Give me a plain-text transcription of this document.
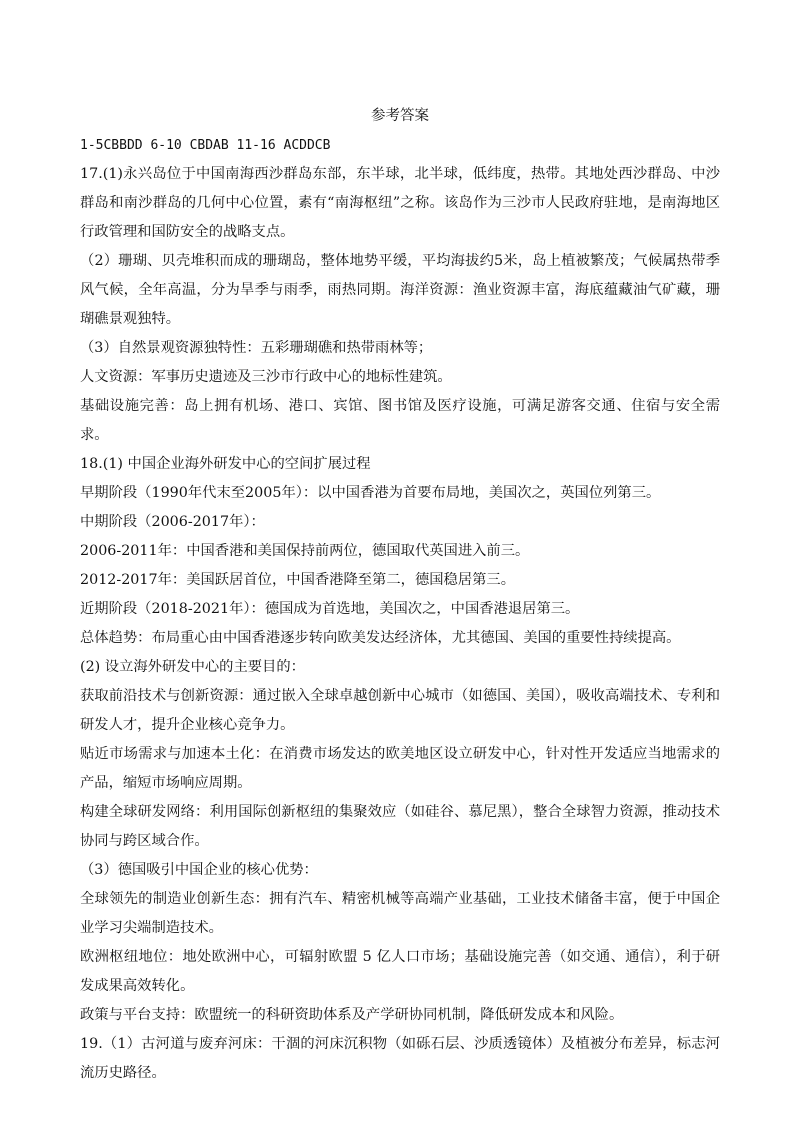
参考答案
1-5CBBDD 6-10 CBDAB 11-16 ACDDCB
17.(1)永兴岛位于中国南海西沙群岛东部，东半球，北半球，低纬度，热带。其地处西沙群岛、中沙群岛和南沙群岛的几何中心位置，素有“南海枢纽”之称。该岛作为三沙市人民政府驻地，是南海地区行政管理和国防安全的战略支点。
（2）珊瑚、贝壳堆积而成的珊瑚岛，整体地势平缓，平均海拔约5米，岛上植被繁茂；气候属热带季风气候，全年高温，分为旱季与雨季，雨热同期。海洋资源：渔业资源丰富，海底蕴藏油气矿藏，珊瑚礁景观独特。
（3）自然景观资源独特性：五彩珊瑚礁和热带雨林等；
人文资源：军事历史遗迹及三沙市行政中心的地标性建筑。
基础设施完善：岛上拥有机场、港口、宾馆、图书馆及医疗设施，可满足游客交通、住宿与安全需求。
18.(1) 中国企业海外研发中心的空间扩展过程
早期阶段（1990年代末至2005年）：以中国香港为首要布局地，美国次之，英国位列第三。
中期阶段（2006-2017年）：
2006-2011年：中国香港和美国保持前两位，德国取代英国进入前三。
2012-2017年：美国跃居首位，中国香港降至第二，德国稳居第三。
近期阶段（2018-2021年）：德国成为首选地，美国次之，中国香港退居第三。
总体趋势：布局重心由中国香港逐步转向欧美发达经济体，尤其德国、美国的重要性持续提高。
(2) 设立海外研发中心的主要目的：
获取前沿技术与创新资源：通过嵌入全球卓越创新中心城市（如德国、美国），吸收高端技术、专利和研发人才，提升企业核心竞争力。
贴近市场需求与加速本土化：在消费市场发达的欧美地区设立研发中心，针对性开发适应当地需求的产品，缩短市场响应周期。
构建全球研发网络：利用国际创新枢纽的集聚效应（如硅谷、慕尼黑），整合全球智力资源，推动技术协同与跨区域合作。
（3）德国吸引中国企业的核心优势：
全球领先的制造业创新生态：拥有汽车、精密机械等高端产业基础，工业技术储备丰富，便于中国企业学习尖端制造技术。
欧洲枢纽地位：地处欧洲中心，可辐射欧盟 5 亿人口市场；基础设施完善（如交通、通信），利于研发成果高效转化。
政策与平台支持：欧盟统一的科研资助体系及产学研协同机制，降低研发成本和风险。
19.（1）古河道与废弃河床：干涸的河床沉积物（如砾石层、沙质透镜体）及植被分布差异，标志河流历史路径。
